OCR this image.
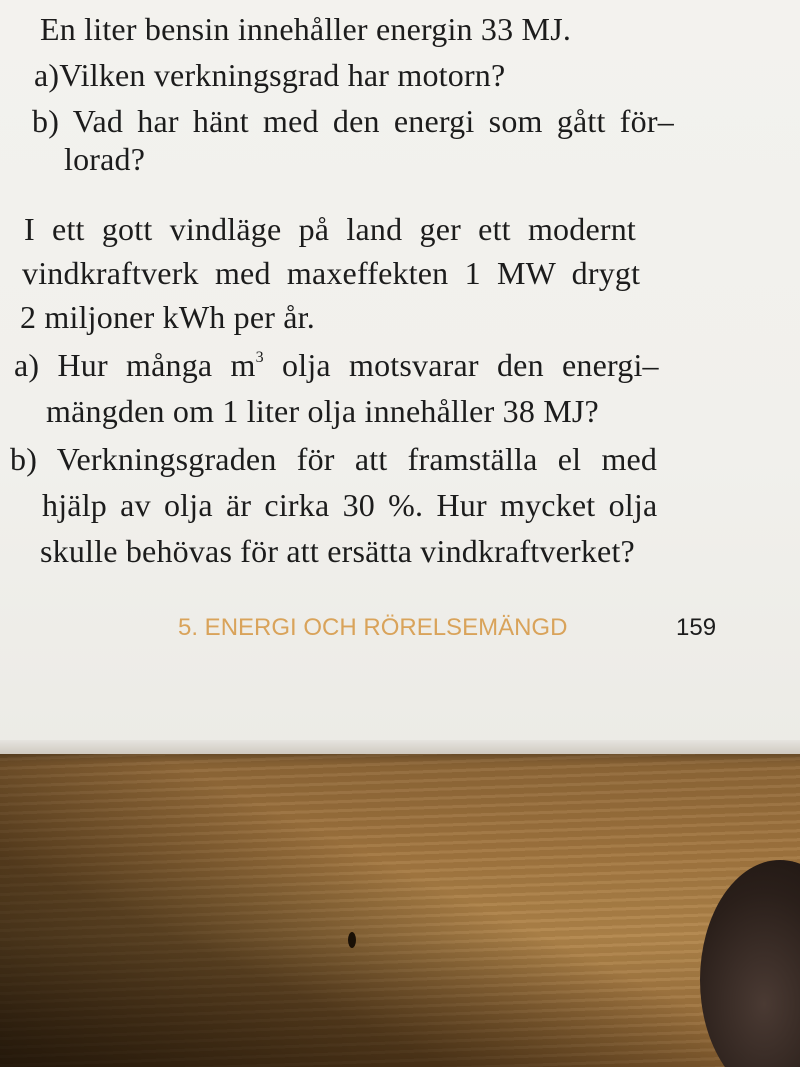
En liter bensin innehåller energin 33 MJ.
a)Vilken verkningsgrad har motorn?
b) Vad har hänt med den energi som gått för–
lorad?
I ett gott vindläge på land ger ett modernt
vindkraftverk med maxeffekten 1 MW drygt
2 miljoner kWh per år.
a) Hur många $m^3$ olja motsvarar den energi–
mängden om 1 liter olja innehåller 38 MJ?
b) Verkningsgraden för att framställa el med
hjälp av olja är cirka 30 %. Hur mycket olja
skulle behövas för att ersätta vindkraftverket?
5. ENERGI OCH RÖRELSEMÄNGD	159
